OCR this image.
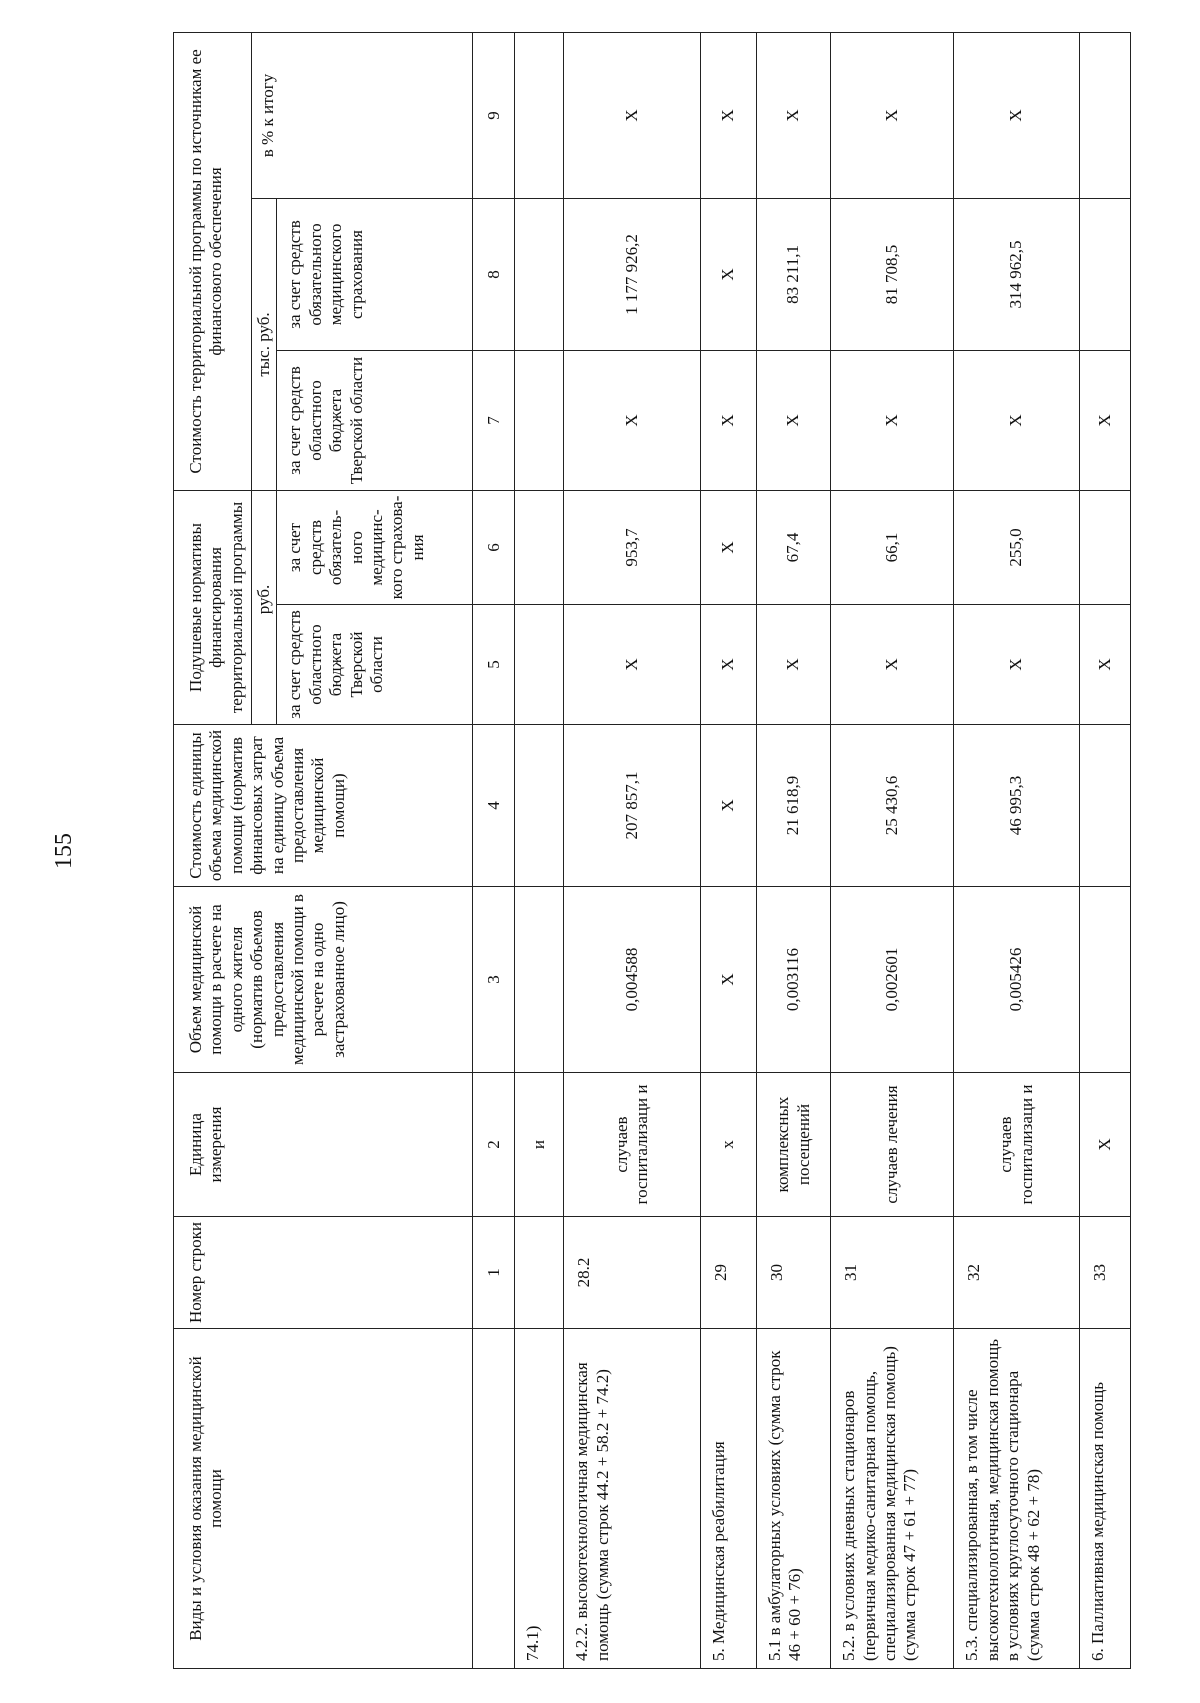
155
Виды и условия оказания медицинской помощи	Номер строки	Единица измерения	Объем медицинской помощи в расчете на одного жителя (норматив объемов предоставления медицинской помощи в расчете на одно застрахованное лицо)	Стоимость единицы объема медицинской помощи (норматив финансовых затрат на единицу объема предоставления медицинской помощи)	Подушевые нормативы финансирования территориальной программы		Стоимость территориальной программы по источникам ее финансового обеспечения		
					руб.		тыс. руб.		в % к итогу
					за счет средств областного бюджета Тверской области	за счет средств обязатель-ного медицинс-кого страхова-ния	за счет средств областного бюджета Тверской области	за счет средств обязательного медицинского страхования	
	1	2	3	4	5	6	7	8	9
74.1)		и							
4.2.2. высокотехнологичная медицинская помощь (сумма строк 44.2 + 58.2 + 74.2)	28.2	случаев госпитализаци и	0,004588	207 857,1	X	953,7	X	1 177 926,2	X
5. Медицинская реабилитация	29	x	X	X	X	X	X	X	X
5.1 в амбулаторных условиях (сумма строк 46 + 60 + 76)	30	комплексных посещений	0,003116	21 618,9	X	67,4	X	83 211,1	X
5.2. в условиях дневных стационаров (первичная медико-санитарная помощь, специализированная медицинская помощь) (сумма строк 47 + 61 + 77)	31	случаев лечения	0,002601	25 430,6	X	66,1	X	81 708,5	X
5.3. специализированная, в том числе высокотехнологичная, медицинская помощь в условиях круглосуточного стационара (сумма строк 48 + 62 + 78)	32	случаев госпитализаци и	0,005426	46 995,3	X	255,0	X	314 962,5	X
6. Паллиативная медицинская помощь	33	X			X		X		
